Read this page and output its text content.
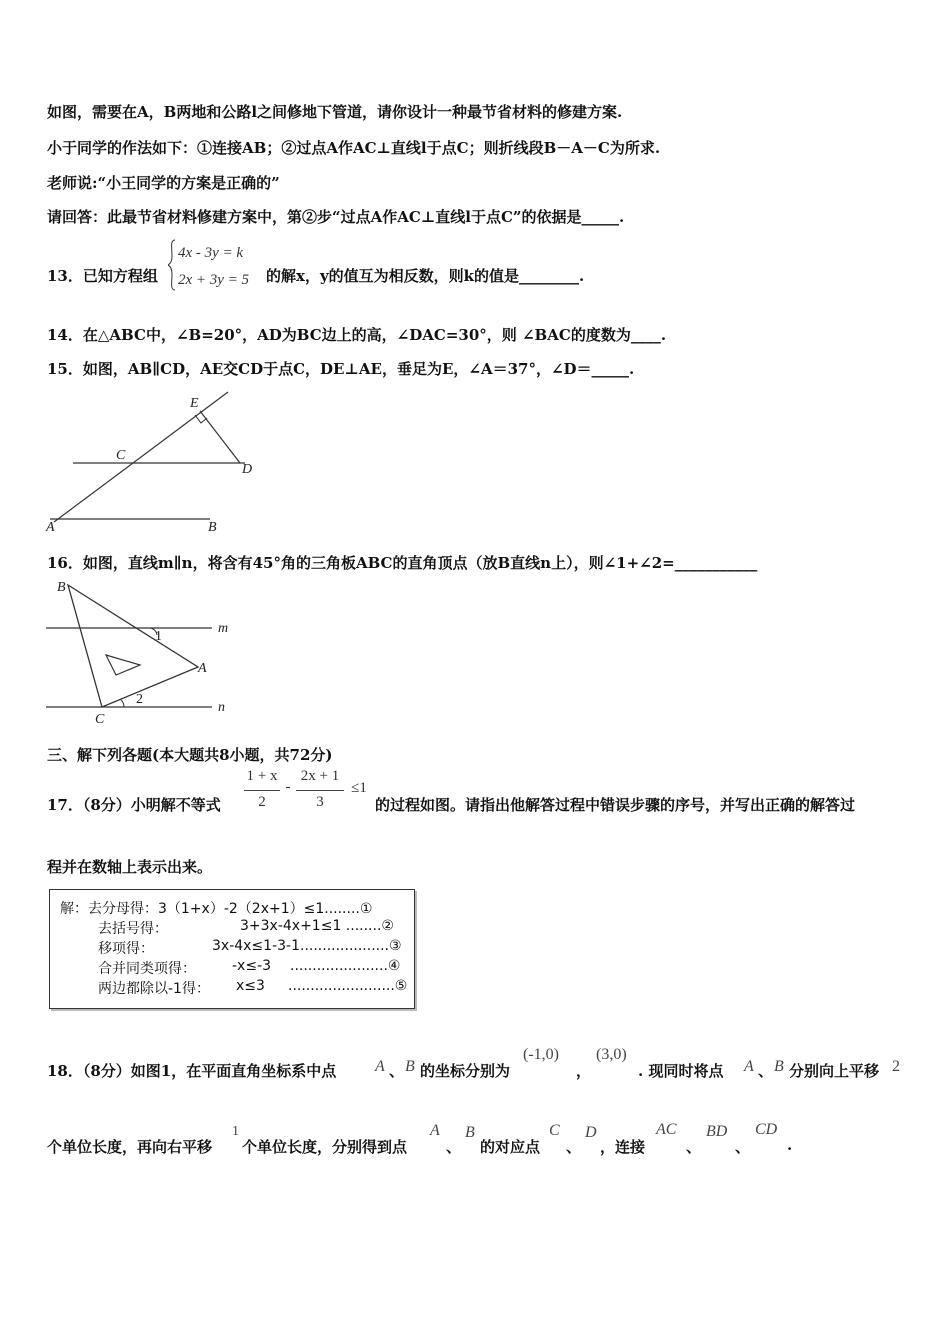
如图，需要在A，B两地和公路l之间修地下管道，请你设计一种最节省材料的修建方案.
小于同学的作法如下：①连接AB；②过点A作AC⊥直线l于点C；则折线段B－A－C为所求.
老师说:“小王同学的方案是正确的”
请回答：此最节省材料修建方案中，第②步“过点A作AC⊥直线l于点C”的依据是_____.
13．已知方程组
4x - 3y = k
2x + 3y = 5 的解x，y的值互为相反数，则k的值是________.
14．在△ABC中，∠B=20°，AD为BC边上的高，∠DAC=30°，则 ∠BAC的度数为____.
15．如图，AB∥CD，AE交CD于点C，DE⊥AE，垂足为E，∠A＝37°，∠D＝_____.
E
C
D
A	B
16．如图，直线m∥n，将含有45°角的三角板ABC的直角顶点（放B直线n上），则∠1+∠2=___________
B
A
C
m
n
1
2
三、解下列各题(本大题共8小题，共72分)
17．（8分）小明解不等式
1 + x
2
-
2x + 1
3
≤1
的过程如图。请指出他解答过程中错误步骤的序号，并写出正确的解答过
程并在数轴上表示出来。
解：去分母得：3（1+x）-2（2x+1）≤1........①
去括号得：	3+3x-4x+1≤1 ........②
移项得：	3x-4x≤1-3-1....................③
合并同类项得：	-x≤-3 ......................④
两边都除以-1得： x≤3 ........................⑤
18．（8分）如图1，在平面直角坐标系中点 A 、 B 的坐标分别为
(-1,0)
，
(3,0)
. 现同时将点 A 、 B 分别向上平移 2
个单位长度，再向右平移
1
个单位长度，分别得到点
A
、
B
的对应点
C
、
D
，连接
AC
、
BD
、
CD
.
